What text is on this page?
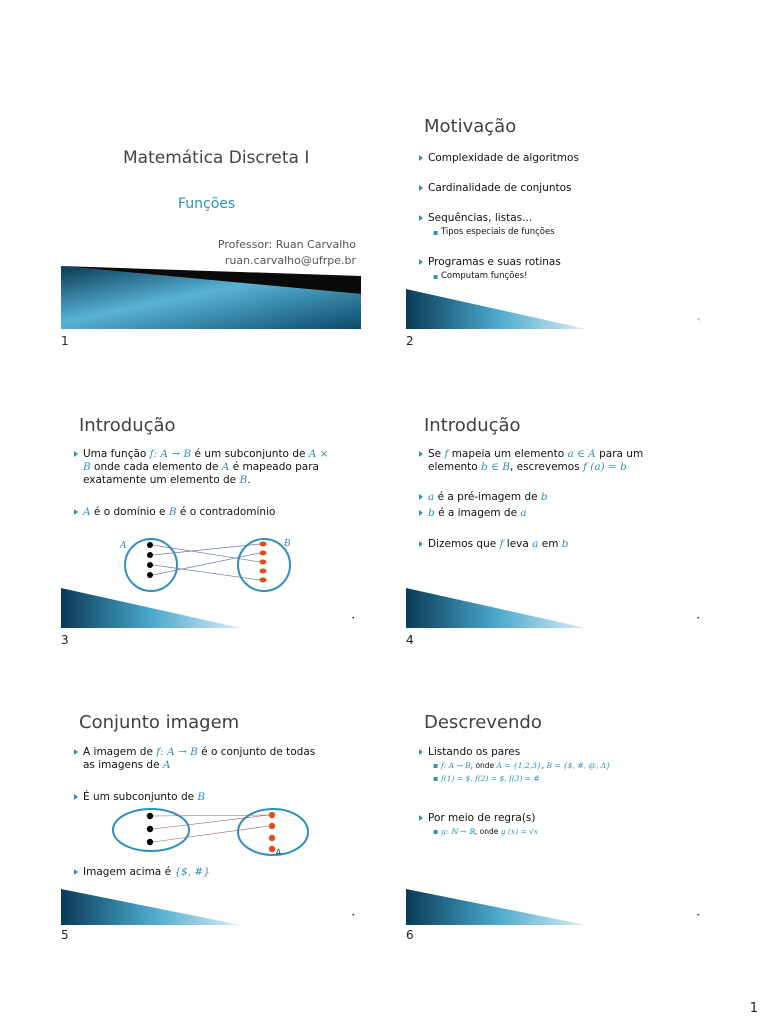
Matemática Discreta I
Funções
Professor: Ruan Carvalho
ruan.carvalho@ufrpe.br
1
Motivação
Complexidade de algoritmos
Cardinalidade de conjuntos
Sequências, listas...
▪ Tipos especiais de funções
Programas e suas rotinas
▪ Computam funções!
‹
2
Introdução
Uma função f: A → B é um subconjunto de A ×
B onde cada elemento de A é mapeado para
exatamente um elemento de B.
A é o domínio e B é o contradomínio
A	B
•
3
Introdução
Se f mapeia um elemento a ∈ A para um
elemento b ∈ B, escrevemos f (a) = b
a é a pré-imagem de b
b é a imagem de a
Dizemos que f leva a em b
•
4
Conjunto imagem
A imagem de f: A → B é o conjunto de todas
as imagens de A
É um subconjunto de B
Δ
Imagem acima é {$, #}
•
5
Descrevendo
Listando os pares
▪ f: A → B, onde A = {1,2,3}, B = {$, #, @, Δ}
▪ f(1) = $, f(2) = $, f(3) = #
Por meio de regra(s)
▪ g: ℕ → ℝ, onde g (x) = √x
•
6
1
